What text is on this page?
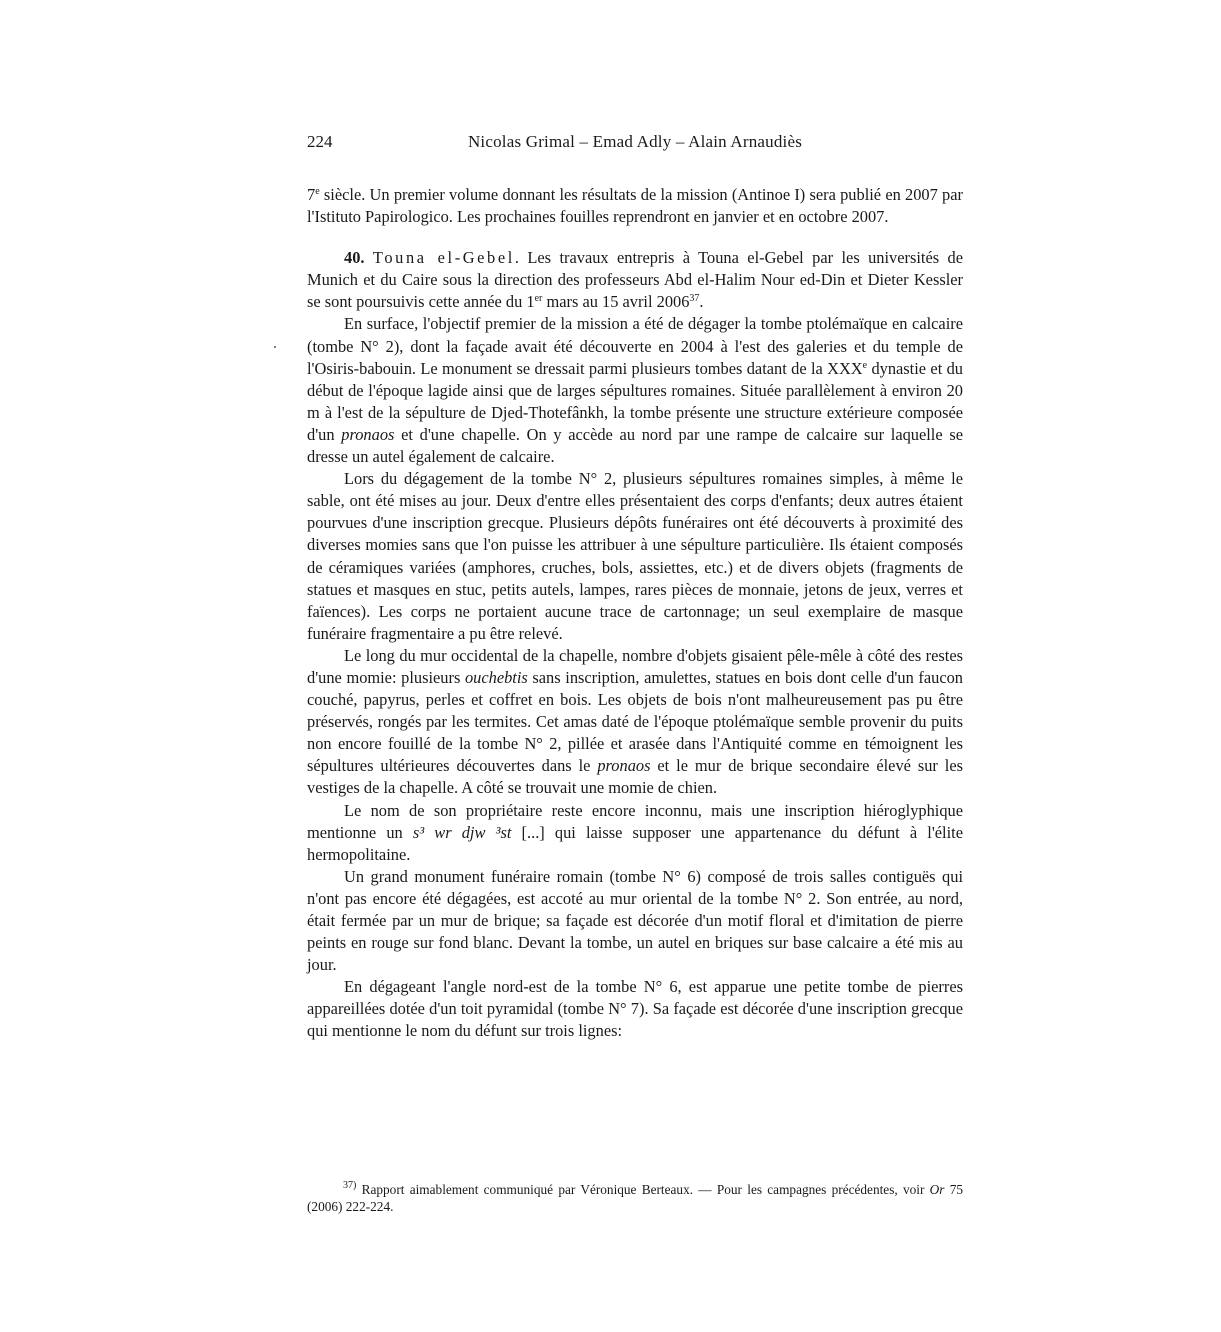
224	Nicolas Grimal – Emad Adly – Alain Arnaudiès

7e siècle. Un premier volume donnant les résultats de la mission (Antinoe I) sera publié en 2007 par l'Istituto Papirologico. Les prochaines fouilles reprendront en janvier et en octobre 2007.

40. Touna el-Gebel. Les travaux entrepris à Touna el-Gebel par les universités de Munich et du Caire sous la direction des professeurs Abd el-Halim Nour ed-Din et Dieter Kessler se sont poursuivis cette année du 1er mars au 15 avril 2006$^{37}$.

En surface, l'objectif premier de la mission a été de dégager la tombe ptolémaïque en calcaire (tombe N° 2), dont la façade avait été découverte en 2004 à l'est des galeries et du temple de l'Osiris-babouin. Le monument se dressait parmi plusieurs tombes datant de la XXXe dynastie et du début de l'époque lagide ainsi que de larges sépultures romaines. Située parallèlement à environ 20 m à l'est de la sépulture de Djed-Thotefânkh, la tombe présente une structure extérieure composée d'un pronaos et d'une chapelle. On y accède au nord par une rampe de calcaire sur laquelle se dresse un autel également de calcaire.

Lors du dégagement de la tombe N° 2, plusieurs sépultures romaines simples, à même le sable, ont été mises au jour. Deux d'entre elles présentaient des corps d'enfants; deux autres étaient pourvues d'une inscription grecque. Plusieurs dépôts funéraires ont été découverts à proximité des diverses momies sans que l'on puisse les attribuer à une sépulture particulière. Ils étaient composés de céramiques variées (amphores, cruches, bols, assiettes, etc.) et de divers objets (fragments de statues et masques en stuc, petits autels, lampes, rares pièces de monnaie, jetons de jeux, verres et faïences). Les corps ne portaient aucune trace de cartonnage; un seul exemplaire de masque funéraire fragmentaire a pu être relevé.

Le long du mur occidental de la chapelle, nombre d'objets gisaient pêle-mêle à côté des restes d'une momie: plusieurs ouchebtis sans inscription, amulettes, statues en bois dont celle d'un faucon couché, papyrus, perles et coffret en bois. Les objets de bois n'ont malheureusement pas pu être préservés, rongés par les termites. Cet amas daté de l'époque ptolémaïque semble provenir du puits non encore fouillé de la tombe N° 2, pillée et arasée dans l'Antiquité comme en témoignent les sépultures ultérieures découvertes dans le pronaos et le mur de brique secondaire élevé sur les vestiges de la chapelle. A côté se trouvait une momie de chien.

Le nom de son propriétaire reste encore inconnu, mais une inscription hiéroglyphique mentionne un s³ wr djw ³st [...] qui laisse supposer une appartenance du défunt à l'élite hermopolitaine.

Un grand monument funéraire romain (tombe N° 6) composé de trois salles contiguës qui n'ont pas encore été dégagées, est accoté au mur oriental de la tombe N° 2. Son entrée, au nord, était fermée par un mur de brique; sa façade est décorée d'un motif floral et d'imitation de pierre peints en rouge sur fond blanc. Devant la tombe, un autel en briques sur base calcaire a été mis au jour.

En dégageant l'angle nord-est de la tombe N° 6, est apparue une petite tombe de pierres appareillées dotée d'un toit pyramidal (tombe N° 7). Sa façade est décorée d'une inscription grecque qui mentionne le nom du défunt sur trois lignes:

$^{37)}$ Rapport aimablement communiqué par Véronique Berteaux. — Pour les campagnes précédentes, voir Or 75 (2006) 222-224.
